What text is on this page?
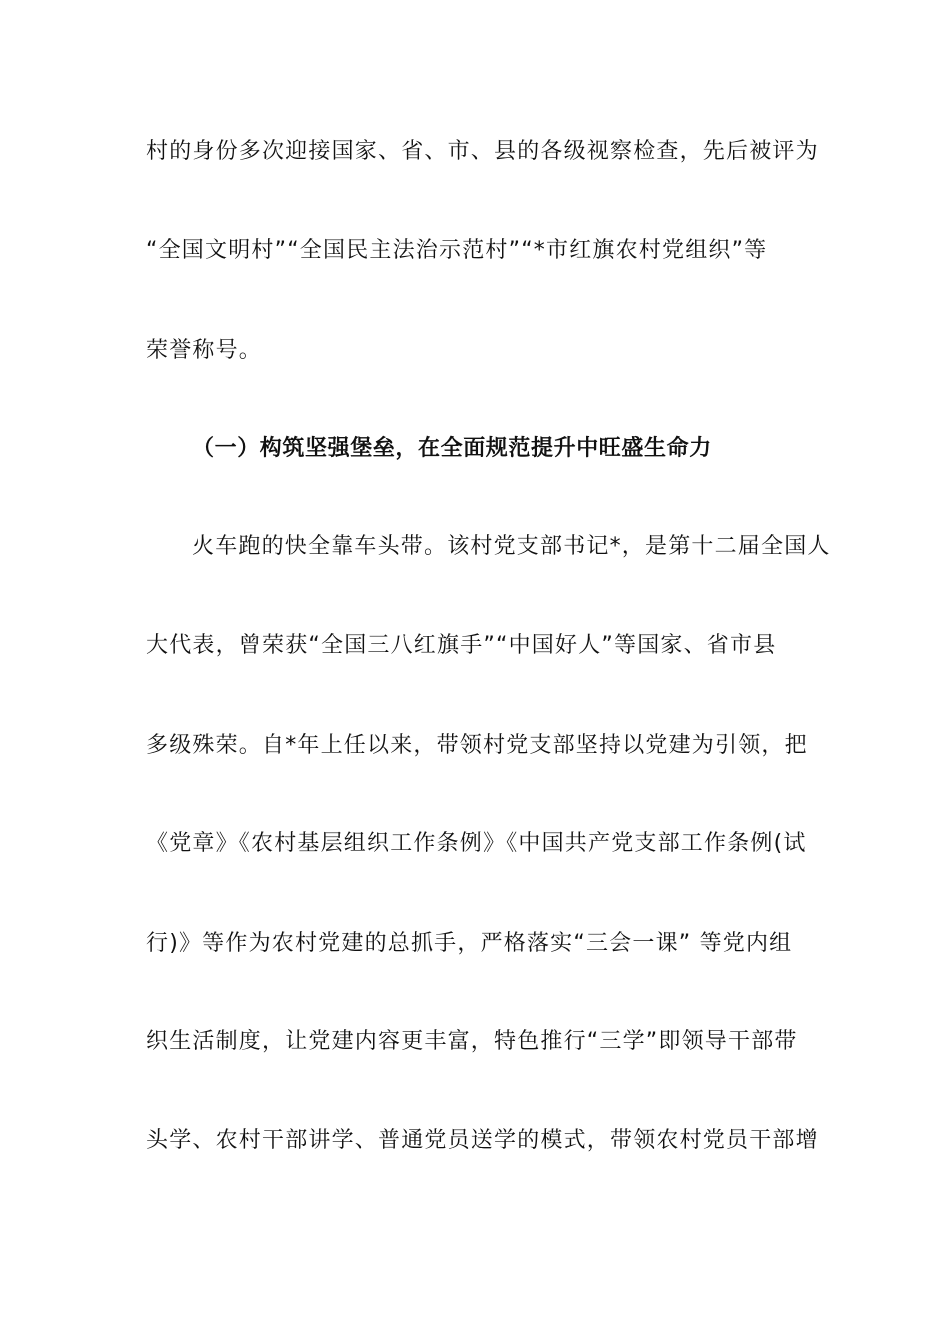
村的身份多次迎接国家、省、市、县的各级视察检查，先后被评为
“全国文明村”“全国民主法治示范村”“*市红旗农村党组织”等
荣誉称号。
（一）构筑坚强堡垒，在全面规范提升中旺盛生命力
火车跑的快全靠车头带。该村党支部书记*，是第十二届全国人
大代表，曾荣获“全国三八红旗手”“中国好人”等国家、省市县
多级殊荣。自*年上任以来，带领村党支部坚持以党建为引领，把
《党章》《农村基层组织工作条例》《中国共产党支部工作条例(试
行)》等作为农村党建的总抓手，严格落实“三会一课” 等党内组
织生活制度，让党建内容更丰富，特色推行“三学”即领导干部带
头学、农村干部讲学、普通党员送学的模式，带领农村党员干部增
